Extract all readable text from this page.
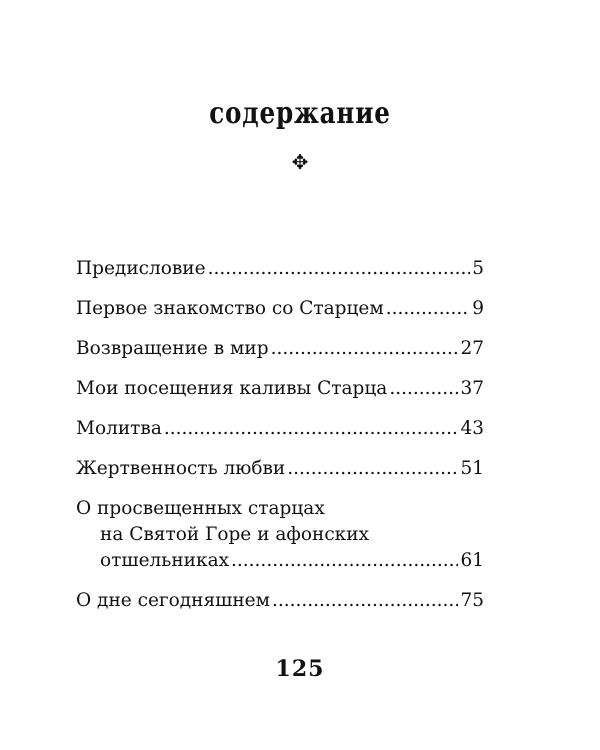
содержание
✥
Предисловие .....	5
Первое знакомство со Старцем .....	9
Возвращение в мир .....	27
Мои посещения каливы Старца .....	37
Молитва .....	43
Жертвенность любви .....	51
О просвещенных старцах
на Святой Горе и афонских
отшельниках .....	61
О дне сегодняшнем .....	75
125
